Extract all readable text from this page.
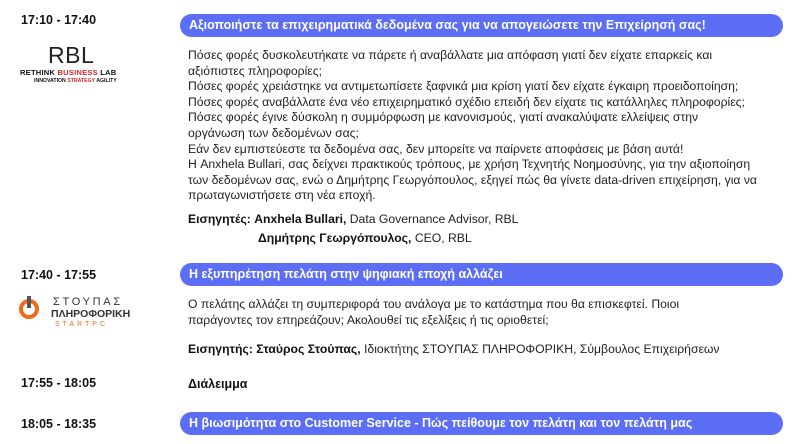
17:10 - 17:40	Αξιοποιήστε τα επιχειρηματικά δεδομένα σας για να απογειώσετε την Επιχείρησή σας!
RBL
RETHINK BUSINESS LAB
INNOVATION STRATEGY AGILITY
Πόσες φορές δυσκολευτήκατε να πάρετε ή αναβάλλατε μια απόφαση γιατί δεν είχατε επαρκείς και
αξιόπιστες πληροφορίες;
Πόσες φορές χρειάστηκε να αντιμετωπίσετε ξαφνικά μια κρίση γιατί δεν είχατε έγκαιρη προειδοποίηση;
Πόσες φορές αναβάλλατε ένα νέο επιχειρηματικό σχέδιο επειδή δεν είχατε τις κατάλληλες πληροφορίες;
Πόσες φορές έγινε δύσκολη η συμμόρφωση με κανονισμούς, γιατί ανακαλύψατε ελλείψεις στην
οργάνωση των δεδομένων σας;
Εάν δεν εμπιστεύεστε τα δεδομένα σας, δεν μπορείτε να παίρνετε αποφάσεις με βάση αυτά!
Η Anxhela Bullari, σας δείχνει πρακτικούς τρόπους, με χρήση Τεχνητής Νοημοσύνης, για την αξιοποίηση
των δεδομένων σας, ενώ ο Δημήτρης Γεωργόπουλος, εξηγεί πώς θα γίνετε data-driven επιχείρηση, για να
πρωταγωνιστήσετε στη νέα εποχή.
Εισηγητές: Anxhela Bullari, Data Governance Advisor, RBL
Δημήτρης Γεωργόπουλος, CEO, RBL
17:40 - 17:55	Η εξυπηρέτηση πελάτη στην ψηφιακή εποχή αλλάζει
ΣΤΟΥΠΑΣ
ΠΛΗΡΟΦΟΡΙΚΗ
STARTPC
Ο πελάτης αλλάζει τη συμπεριφορά του ανάλογα με το κατάστημα που θα επισκεφτεί. Ποιοι
παράγοντες τον επηρεάζουν; Ακολουθεί τις εξελίξεις ή τις οριοθετεί;
Εισηγητής: Σταύρος Στούπας, Ιδιοκτήτης ΣΤΟΥΠΑΣ ΠΛΗΡΟΦΟΡΙΚΗ, Σύμβουλος Επιχειρήσεων
17:55 - 18:05	Διάλειμμα
18:05 - 18:35	Η βιωσιμότητα στο Customer Service - Πώς πείθουμε τον πελάτη και τον πελάτη μας
